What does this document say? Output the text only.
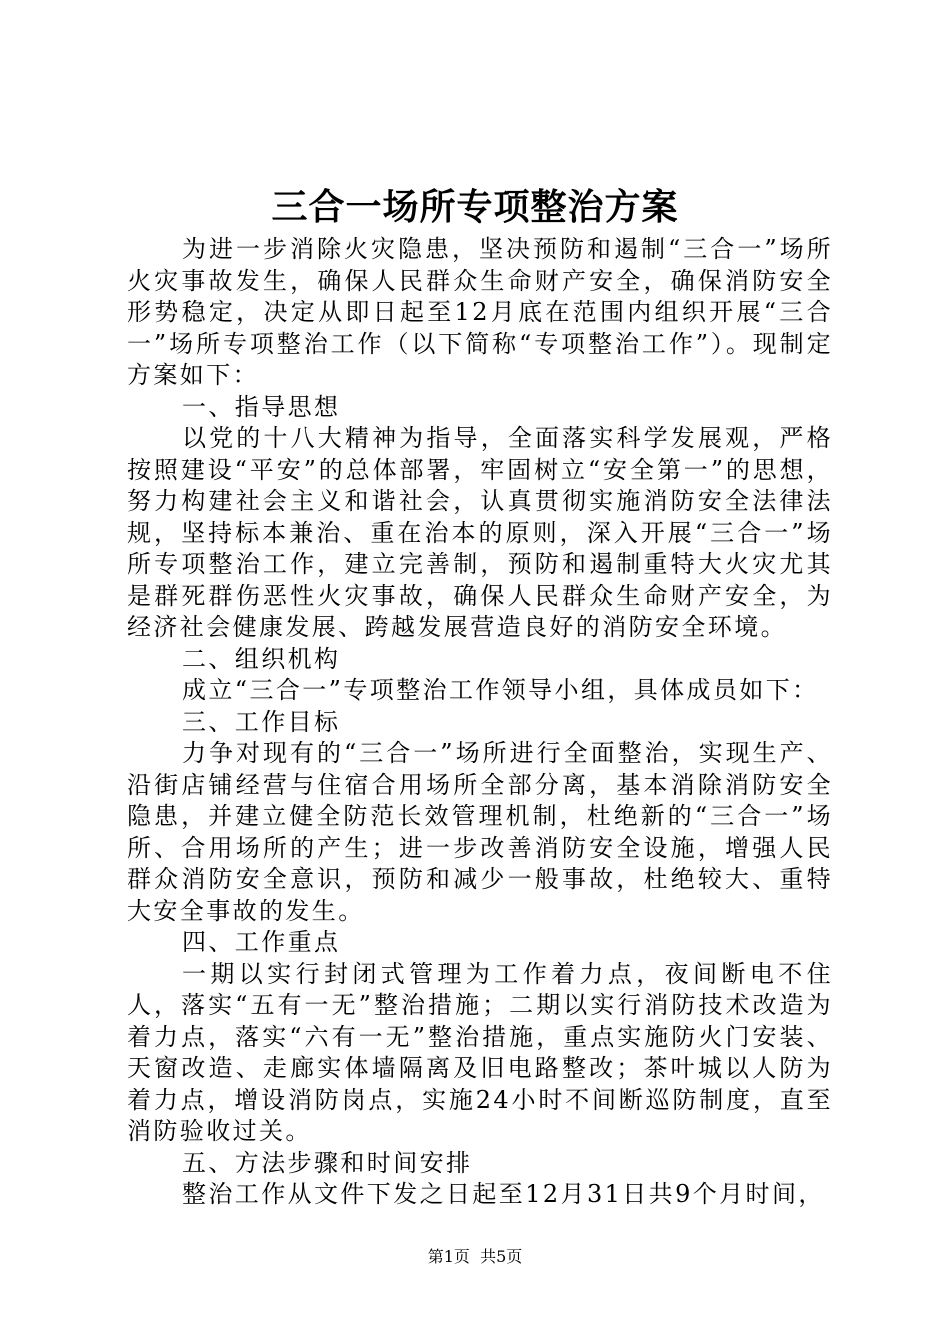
三合一场所专项整治方案

为进一步消除火灾隐患，坚决预防和遏制“三合一”场所火灾事故发生，确保人民群众生命财产安全，确保消防安全形势稳定，决定从即日起至12月底在范围内组织开展“三合一”场所专项整治工作（以下简称“专项整治工作”）。现制定方案如下：

一、指导思想

以党的十八大精神为指导，全面落实科学发展观，严格按照建设“平安”的总体部署，牢固树立“安全第一”的思想，努力构建社会主义和谐社会，认真贯彻实施消防安全法律法规，坚持标本兼治、重在治本的原则，深入开展“三合一”场所专项整治工作，建立完善制，预防和遏制重特大火灾尤其是群死群伤恶性火灾事故，确保人民群众生命财产安全，为经济社会健康发展、跨越发展营造良好的消防安全环境。

二、组织机构

成立“三合一”专项整治工作领导小组，具体成员如下：

三、工作目标

力争对现有的“三合一”场所进行全面整治，实现生产、沿街店铺经营与住宿合用场所全部分离，基本消除消防安全隐患，并建立健全防范长效管理机制，杜绝新的“三合一”场所、合用场所的产生；进一步改善消防安全设施，增强人民群众消防安全意识，预防和减少一般事故，杜绝较大、重特大安全事故的发生。

四、工作重点

一期以实行封闭式管理为工作着力点，夜间断电不住人，落实“五有一无”整治措施；二期以实行消防技术改造为着力点，落实“六有一无”整治措施，重点实施防火门安装、天窗改造、走廊实体墙隔离及旧电路整改；茶叶城以人防为着力点，增设消防岗点，实施24小时不间断巡防制度，直至消防验收过关。

五、方法步骤和时间安排

整治工作从文件下发之日起至12月31日共9个月时间，

第1页 共5页
